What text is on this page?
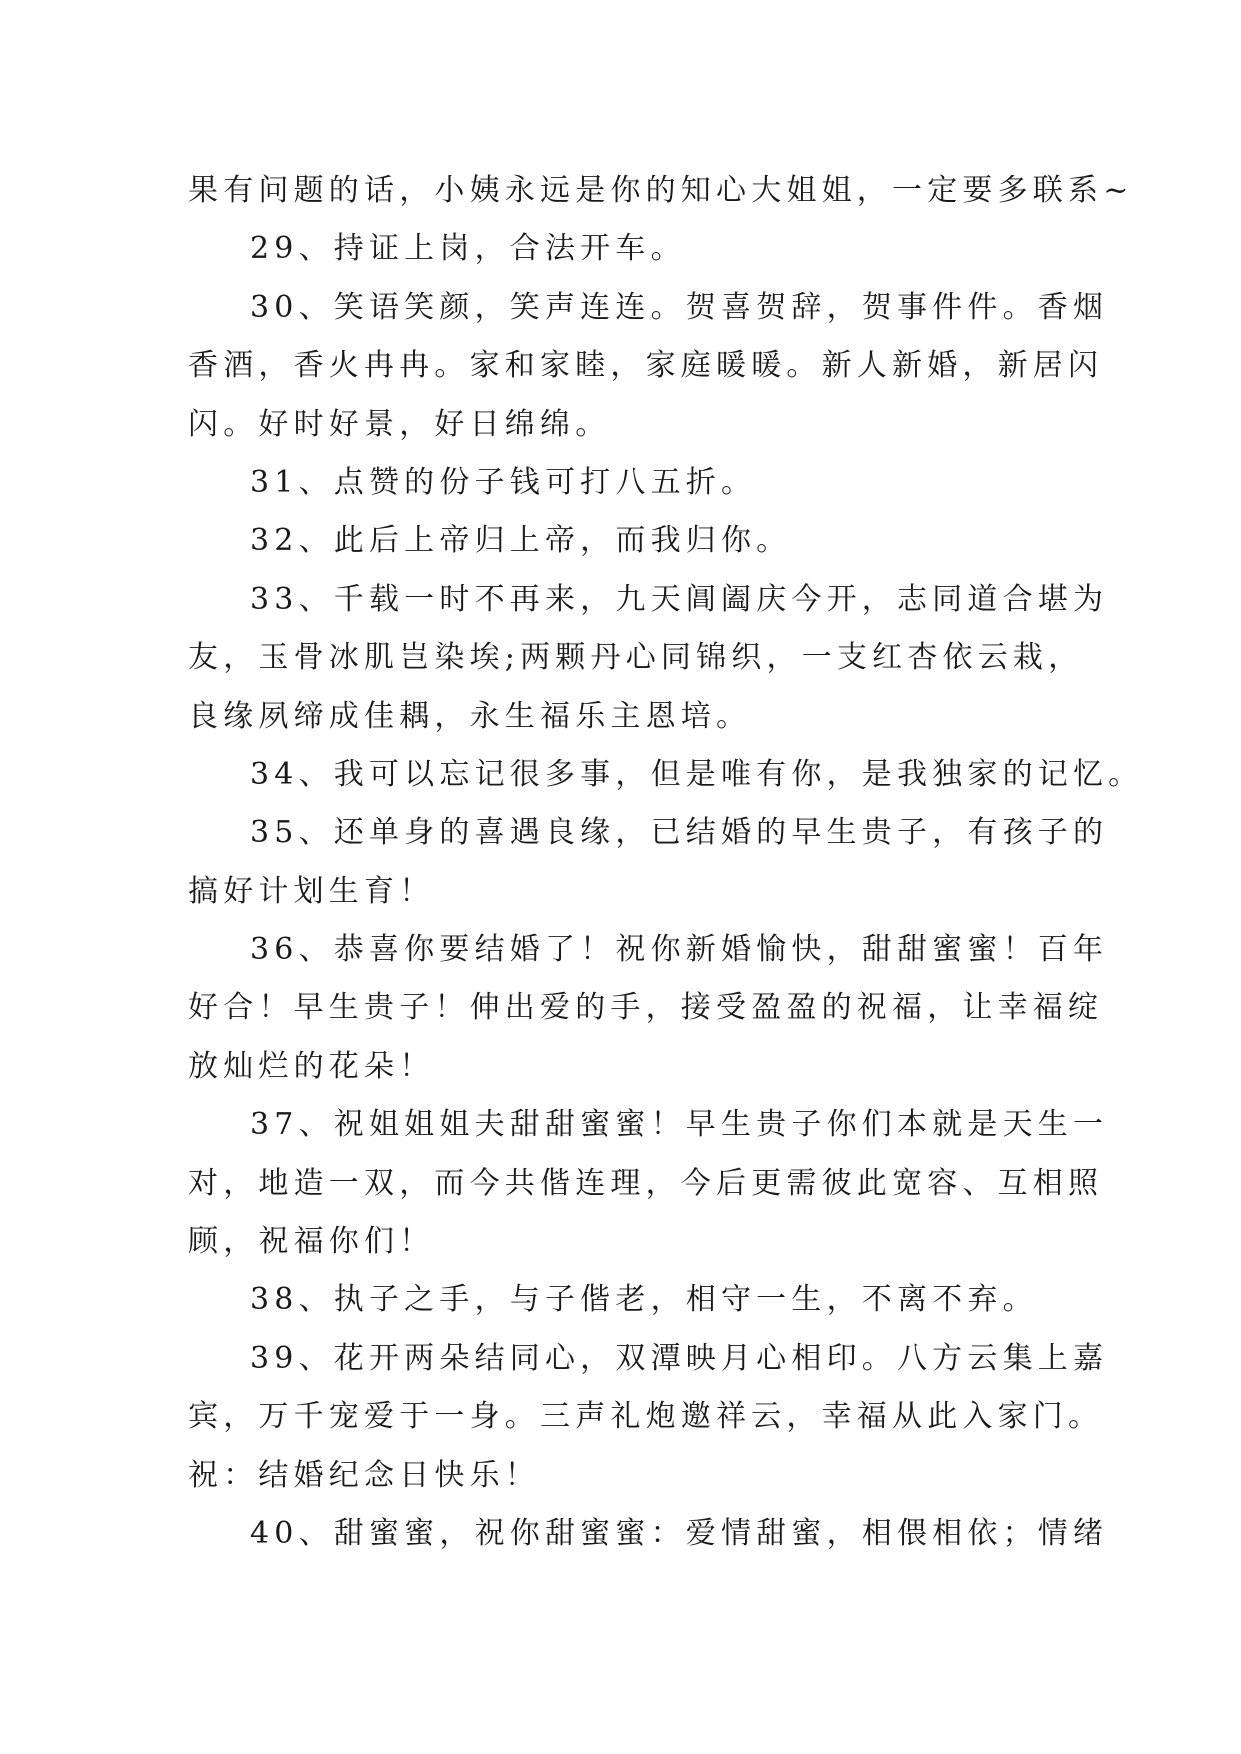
果有问题的话，小姨永远是你的知心大姐姐，一定要多联系~
29、持证上岗，合法开车。
30、笑语笑颜，笑声连连。贺喜贺辞，贺事件件。香烟
香酒，香火冉冉。家和家睦，家庭暖暖。新人新婚，新居闪
闪。好时好景，好日绵绵。
31、点赞的份子钱可打八五折。
32、此后上帝归上帝，而我归你。
33、千载一时不再来，九天阊阖庆今开，志同道合堪为
友，玉骨冰肌岂染埃;两颗丹心同锦织，一支红杏依云栽，
良缘夙缔成佳耦，永生福乐主恩培。
34、我可以忘记很多事，但是唯有你，是我独家的记忆。
35、还单身的喜遇良缘，已结婚的早生贵子，有孩子的
搞好计划生育！
36、恭喜你要结婚了！祝你新婚愉快，甜甜蜜蜜！百年
好合！早生贵子！伸出爱的手，接受盈盈的祝福，让幸福绽
放灿烂的花朵！
37、祝姐姐姐夫甜甜蜜蜜！早生贵子你们本就是天生一
对，地造一双，而今共偕连理，今后更需彼此宽容、互相照
顾，祝福你们！
38、执子之手，与子偕老，相守一生，不离不弃。
39、花开两朵结同心，双潭映月心相印。八方云集上嘉
宾，万千宠爱于一身。三声礼炮邀祥云，幸福从此入家门。
祝：结婚纪念日快乐！
40、甜蜜蜜，祝你甜蜜蜜：爱情甜蜜，相偎相依；情绪
